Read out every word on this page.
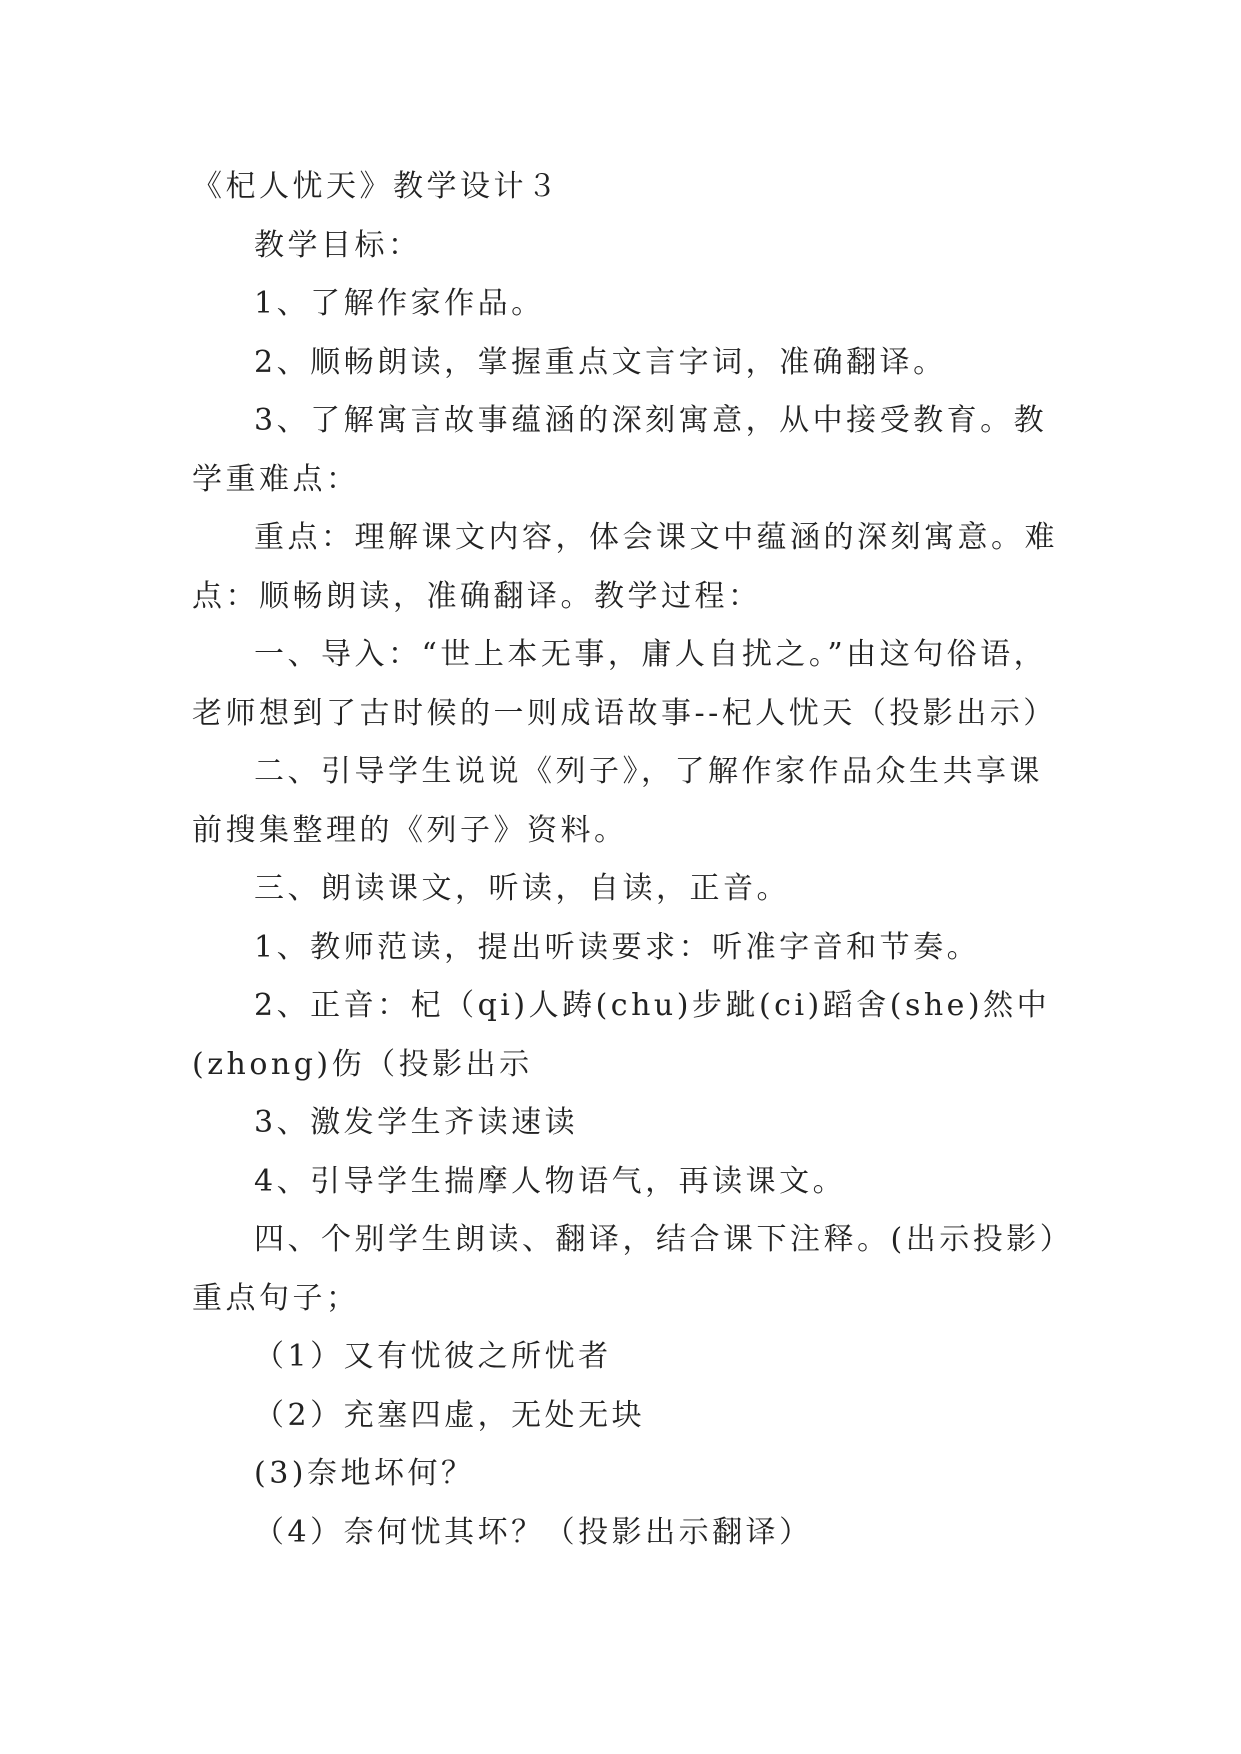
《杞人忧天》教学设计３

教学目标：

1、了解作家作品。

2、顺畅朗读，掌握重点文言字词，准确翻译。

3、了解寓言故事蕴涵的深刻寓意，从中接受教育。教

学重难点：

重点：理解课文内容，体会课文中蕴涵的深刻寓意。难

点：顺畅朗读，准确翻译。教学过程：

一、导入：“世上本无事，庸人自扰之。”由这句俗语，

老师想到了古时候的一则成语故事--杞人忧天（投影出示）

二、引导学生说说《列子》，了解作家作品众生共享课

前搜集整理的《列子》资料。

三、朗读课文，听读，自读，正音。

1、教师范读，提出听读要求：听准字音和节奏。

2、正音：杞（qi)人踌(chu)步跐(ci)蹈舍(she)然中

(zhong)伤（投影出示

3、激发学生齐读速读

4、引导学生揣摩人物语气，再读课文。

四、个别学生朗读、翻译，结合课下注释。(出示投影）

重点句子；

（1）又有忧彼之所忧者

（2）充塞四虚，无处无块

(3)奈地坏何？

（4）奈何忧其坏？（投影出示翻译）
